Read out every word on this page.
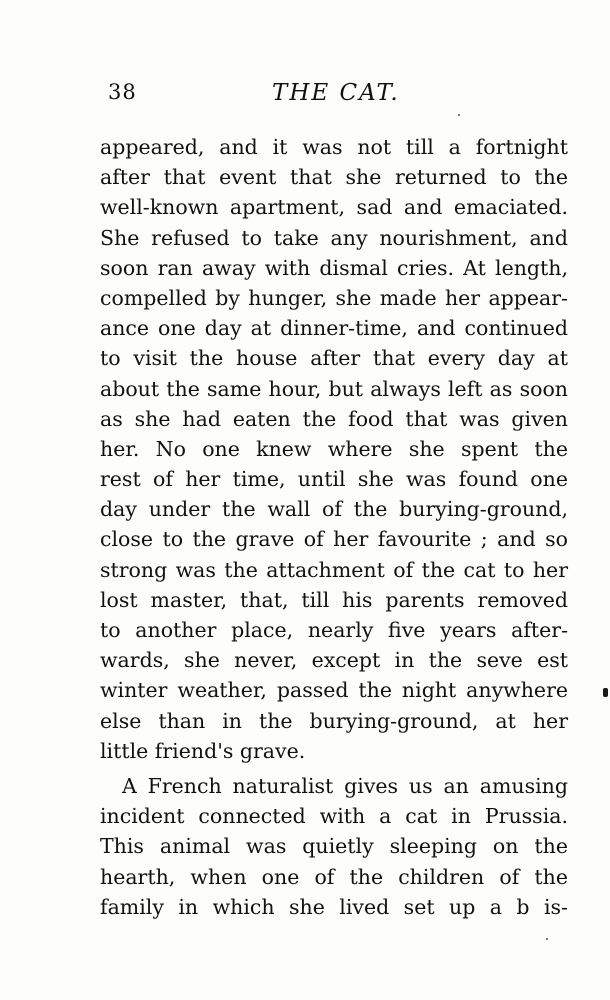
38	THE CAT.
appeared, and it was not till a fortnight
after that event that she returned to the
well-known apartment, sad and emaciated.
She refused to take any nourishment, and
soon ran away with dismal cries. At length,
compelled by hunger, she made her appear-
ance one day at dinner-time, and continued
to visit the house after that every day at
about the same hour, but always left as soon
as she had eaten the food that was given
her. No one knew where she spent the
rest of her time, until she was found one
day under the wall of the burying-ground,
close to the grave of her favourite ; and so
strong was the attachment of the cat to her
lost master, that, till his parents removed
to another place, nearly five years after-
wards, she never, except in the seve est
winter weather, passed the night anywhere
else than in the burying-ground, at her
little friend's grave.
A French naturalist gives us an amusing
incident connected with a cat in Prussia.
This animal was quietly sleeping on the
hearth, when one of the children of the
family in which she lived set up a b is-
